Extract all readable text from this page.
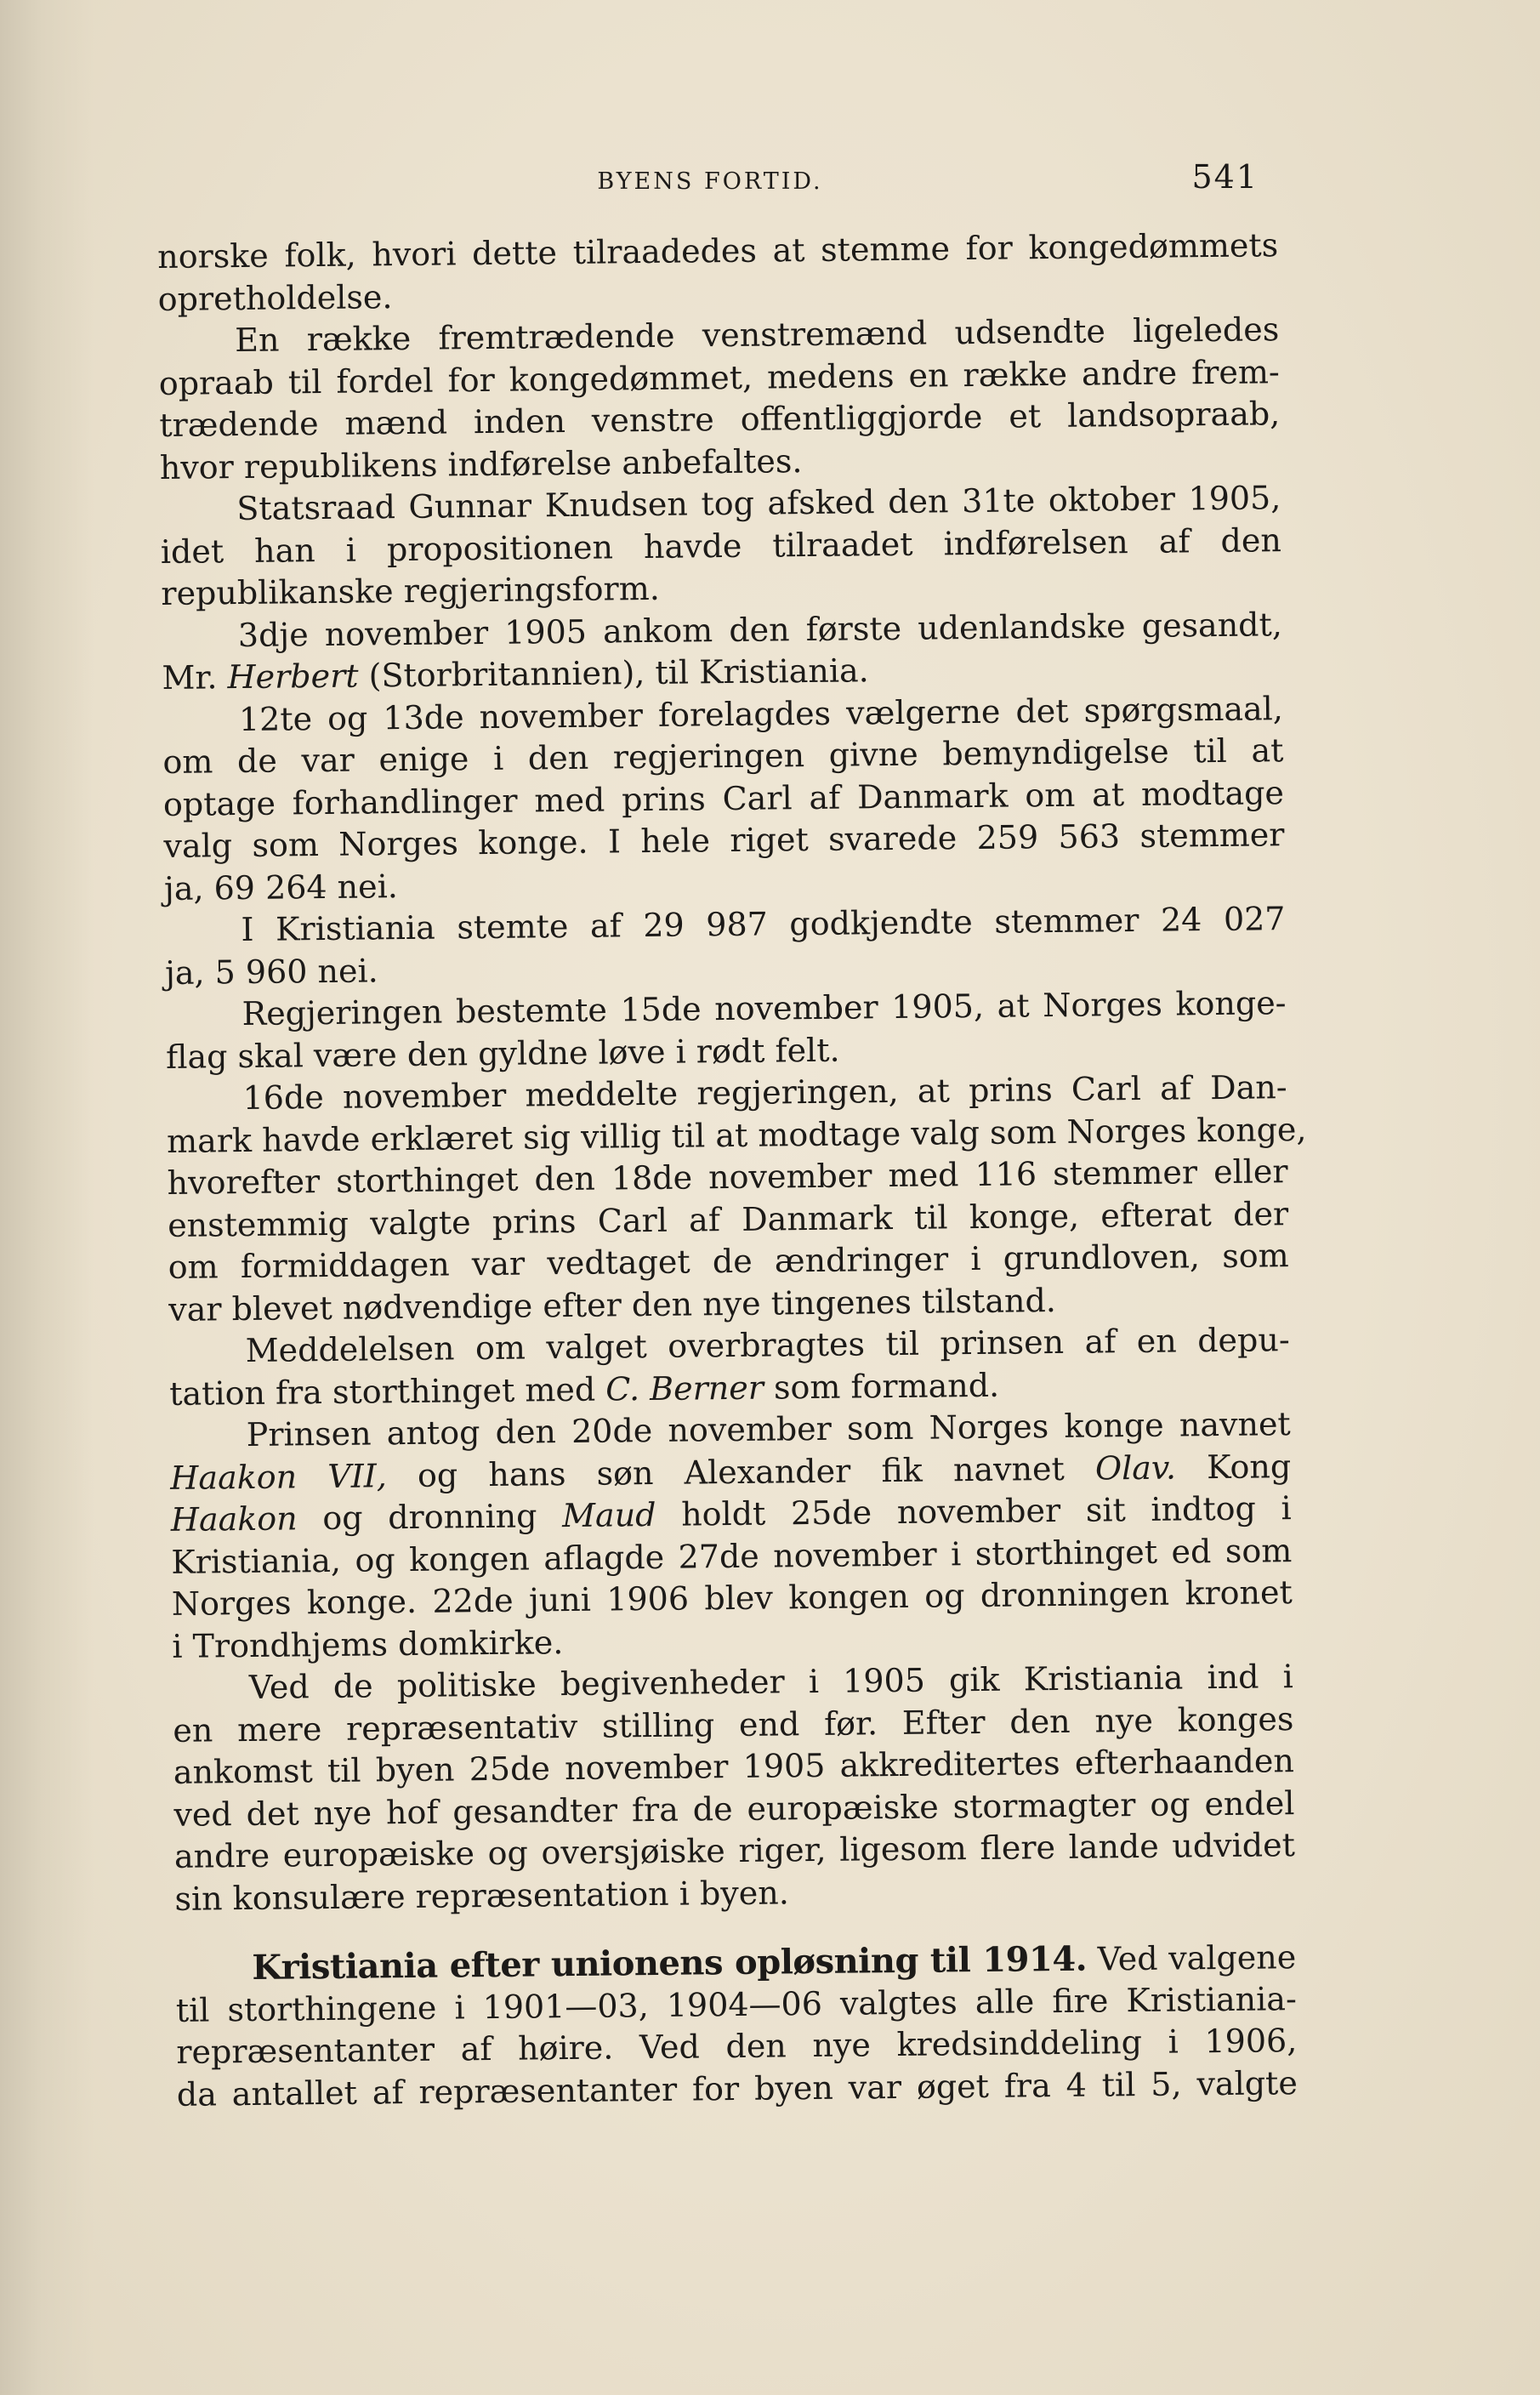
BYENS FORTID.	541
norske folk, hvori dette tilraadedes at stemme for kongedømmets
opretholdelse.
En række fremtrædende venstremænd udsendte ligeledes
opraab til fordel for kongedømmet, medens en række andre frem-
trædende mænd inden venstre offentliggjorde et landsopraab,
hvor republikens indførelse anbefaltes.
Statsraad Gunnar Knudsen tog afsked den 31te oktober 1905,
idet han i propositionen havde tilraadet indførelsen af den
republikanske regjeringsform.
3dje november 1905 ankom den første udenlandske gesandt,
Mr. Herbert (Storbritannien), til Kristiania.
12te og 13de november forelagdes vælgerne det spørgsmaal,
om de var enige i den regjeringen givne bemyndigelse til at
optage forhandlinger med prins Carl af Danmark om at modtage
valg som Norges konge. I hele riget svarede 259 563 stemmer
ja, 69 264 nei.
I Kristiania stemte af 29 987 godkjendte stemmer 24 027
ja, 5 960 nei.
Regjeringen bestemte 15de november 1905, at Norges konge-
flag skal være den gyldne løve i rødt felt.
16de november meddelte regjeringen, at prins Carl af Dan-
mark havde erklæret sig villig til at modtage valg som Norges konge,
hvorefter storthinget den 18de november med 116 stemmer eller
enstemmig valgte prins Carl af Danmark til konge, efterat der
om formiddagen var vedtaget de ændringer i grundloven, som
var blevet nødvendige efter den nye tingenes tilstand.
Meddelelsen om valget overbragtes til prinsen af en depu-
tation fra storthinget med C. Berner som formand.
Prinsen antog den 20de november som Norges konge navnet
Haakon VII, og hans søn Alexander fik navnet Olav. Kong
Haakon og dronning Maud holdt 25de november sit indtog i
Kristiania, og kongen aflagde 27de november i storthinget ed som
Norges konge. 22de juni 1906 blev kongen og dronningen kronet
i Trondhjems domkirke.
Ved de politiske begivenheder i 1905 gik Kristiania ind i
en mere repræsentativ stilling end før. Efter den nye konges
ankomst til byen 25de november 1905 akkreditertes efterhaanden
ved det nye hof gesandter fra de europæiske stormagter og endel
andre europæiske og oversjøiske riger, ligesom flere lande udvidet
sin konsulære repræsentation i byen.
Kristiania efter unionens opløsning til 1914. Ved valgene
til storthingene i 1901—03, 1904—06 valgtes alle fire Kristiania-
repræsentanter af høire. Ved den nye kredsinddeling i 1906,
da antallet af repræsentanter for byen var øget fra 4 til 5, valgte
